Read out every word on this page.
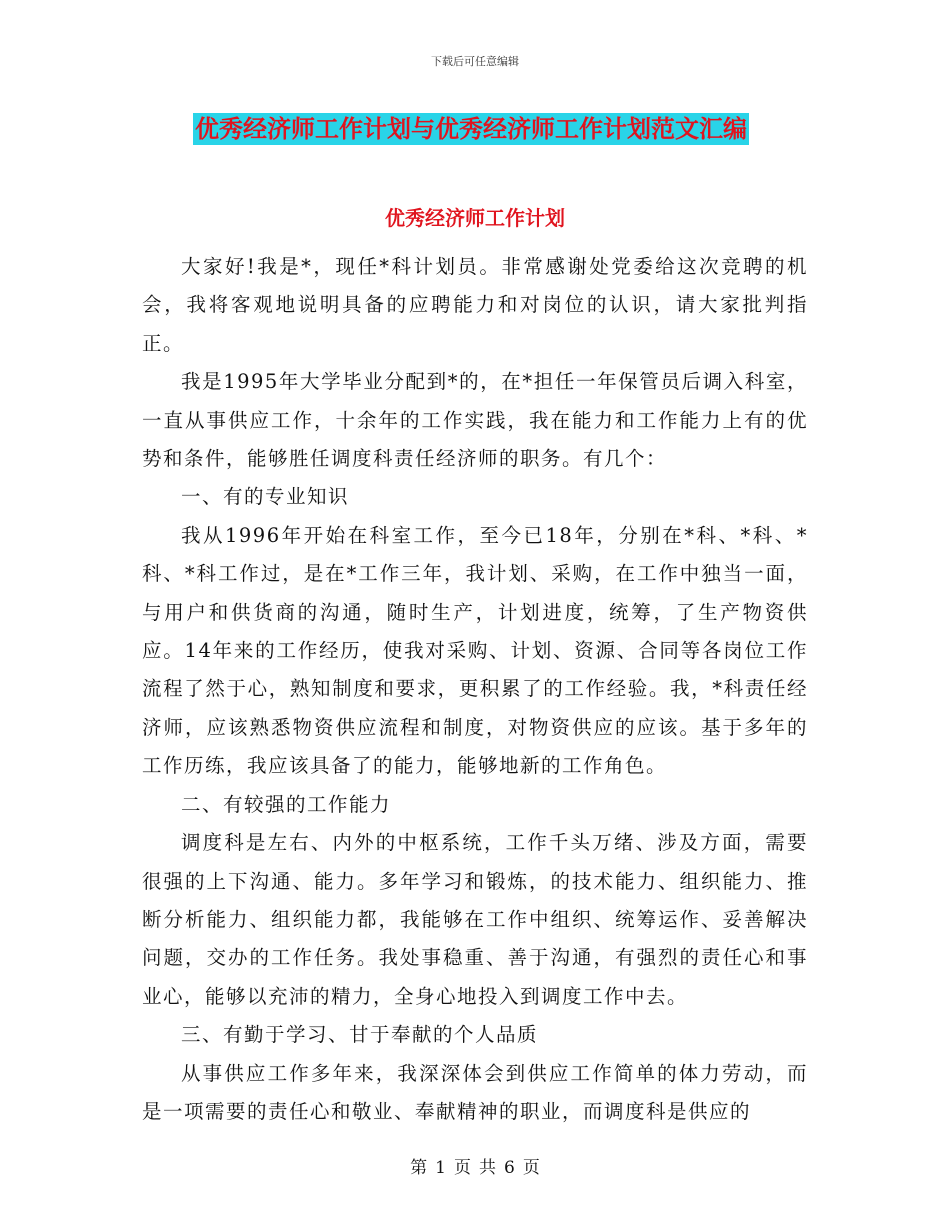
下载后可任意编辑
优秀经济师工作计划与优秀经济师工作计划范文汇编
优秀经济师工作计划

大家好!我是*，现任*科计划员。非常感谢处党委给这次竞聘的机会，我将客观地说明具备的应聘能力和对岗位的认识，请大家批判指正。

我是1995年大学毕业分配到*的，在*担任一年保管员后调入科室，一直从事供应工作，十余年的工作实践，我在能力和工作能力上有的优势和条件，能够胜任调度科责任经济师的职务。有几个：

一、有的专业知识

我从1996年开始在科室工作，至今已18年，分别在*科、*科、*科、*科工作过，是在*工作三年，我计划、采购，在工作中独当一面，与用户和供货商的沟通，随时生产，计划进度，统筹，了生产物资供应。14年来的工作经历，使我对采购、计划、资源、合同等各岗位工作流程了然于心，熟知制度和要求，更积累了的工作经验。我，*科责任经济师，应该熟悉物资供应流程和制度，对物资供应的应该。基于多年的工作历练，我应该具备了的能力，能够地新的工作角色。

二、有较强的工作能力

调度科是左右、内外的中枢系统，工作千头万绪、涉及方面，需要很强的上下沟通、能力。多年学习和锻炼，的技术能力、组织能力、推断分析能力、组织能力都，我能够在工作中组织、统筹运作、妥善解决问题，交办的工作任务。我处事稳重、善于沟通，有强烈的责任心和事业心，能够以充沛的精力，全身心地投入到调度工作中去。

三、有勤于学习、甘于奉献的个人品质

从事供应工作多年来，我深深体会到供应工作简单的体力劳动，而是一项需要的责任心和敬业、奉献精神的职业，而调度科是供应的

第 1 页 共 6 页
